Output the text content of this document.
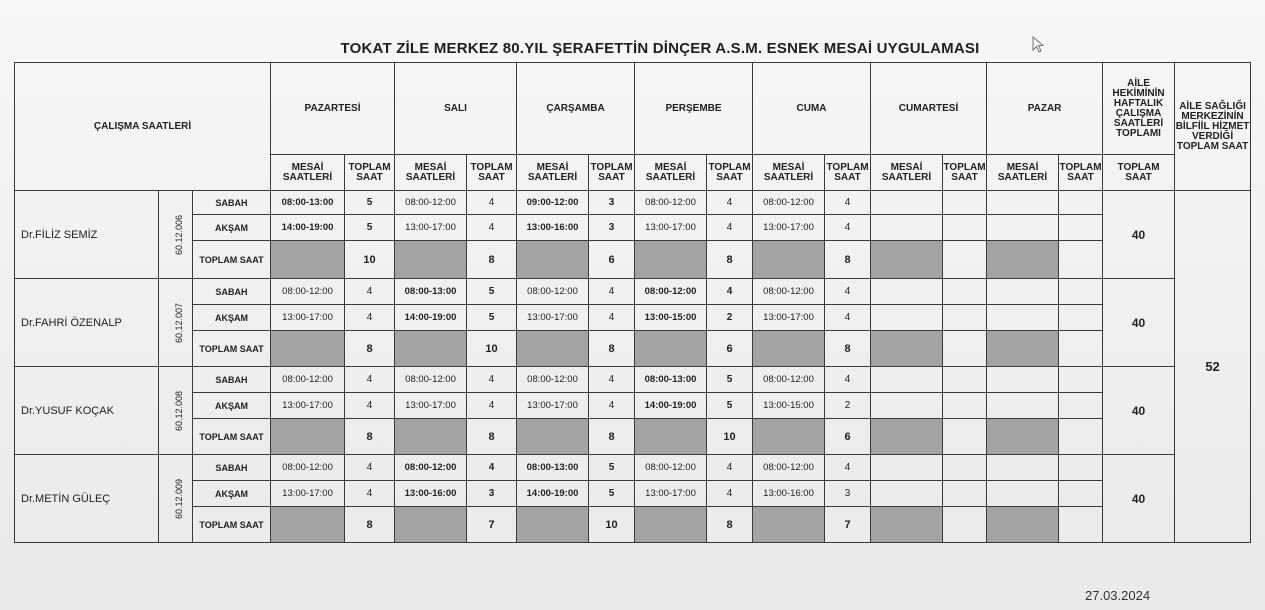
TOKAT ZİLE MERKEZ 80.YIL ŞERAFETTİN DİNÇER A.S.M. ESNEK MESAİ UYGULAMASI
ÇALIŞMA SAATLERİ			PAZARTESİ		SALI		ÇARŞAMBA		PERŞEMBE		CUMA		CUMARTESİ		PAZAR		AİLE HEKİMİNİN HAFTALIK ÇALIŞMA SAATLERİ TOPLAMI	AİLE SAĞLIĞI MERKEZİNİN BİLFİİL HİZMET VERDİĞİ TOPLAM SAAT
			MESAİ SAATLERİ	TOPLAM SAAT	MESAİ SAATLERİ	TOPLAM SAAT	MESAİ SAATLERİ	TOPLAM SAAT	MESAİ SAATLERİ	TOPLAM SAAT	MESAİ SAATLERİ	TOPLAM SAAT	MESAİ SAATLERİ	TOPLAM SAAT	MESAİ SAATLERİ	TOPLAM SAAT	TOPLAM SAAT	
Dr.FİLİZ SEMİZ	60.12.006	SABAH	08:00-13:00	5	08:00-12:00	4	09:00-12:00	3	08:00-12:00	4	08:00-12:00	4					40	52
		AKŞAM	14:00-19:00	5	13:00-17:00	4	13:00-16:00	3	13:00-17:00	4	13:00-17:00	4						
		TOPLAM SAAT		10		8		6		8		8						
Dr.FAHRİ ÖZENALP	60.12.007	SABAH	08:00-12:00	4	08:00-13:00	5	08:00-12:00	4	08:00-12:00	4	08:00-12:00	4					40	
		AKŞAM	13:00-17:00	4	14:00-19:00	5	13:00-17:00	4	13:00-15:00	2	13:00-17:00	4						
		TOPLAM SAAT		8		10		8		6		8						
Dr.YUSUF KOÇAK	60.12.008	SABAH	08:00-12:00	4	08:00-12:00	4	08:00-12:00	4	08:00-13:00	5	08:00-12:00	4					40	
		AKŞAM	13:00-17:00	4	13:00-17:00	4	13:00-17:00	4	14:00-19:00	5	13:00-15:00	2						
		TOPLAM SAAT		8		8		8		10		6						
Dr.METİN GÜLEÇ	60.12.009	SABAH	08:00-12:00	4	08:00-12:00	4	08:00-13:00	5	08:00-12:00	4	08:00-12:00	4					40	
		AKŞAM	13:00-17:00	4	13:00-16:00	3	14:00-19:00	5	13:00-17:00	4	13:00-16:00	3						
		TOPLAM SAAT		8		7		10		8		7						
27.03.2024
